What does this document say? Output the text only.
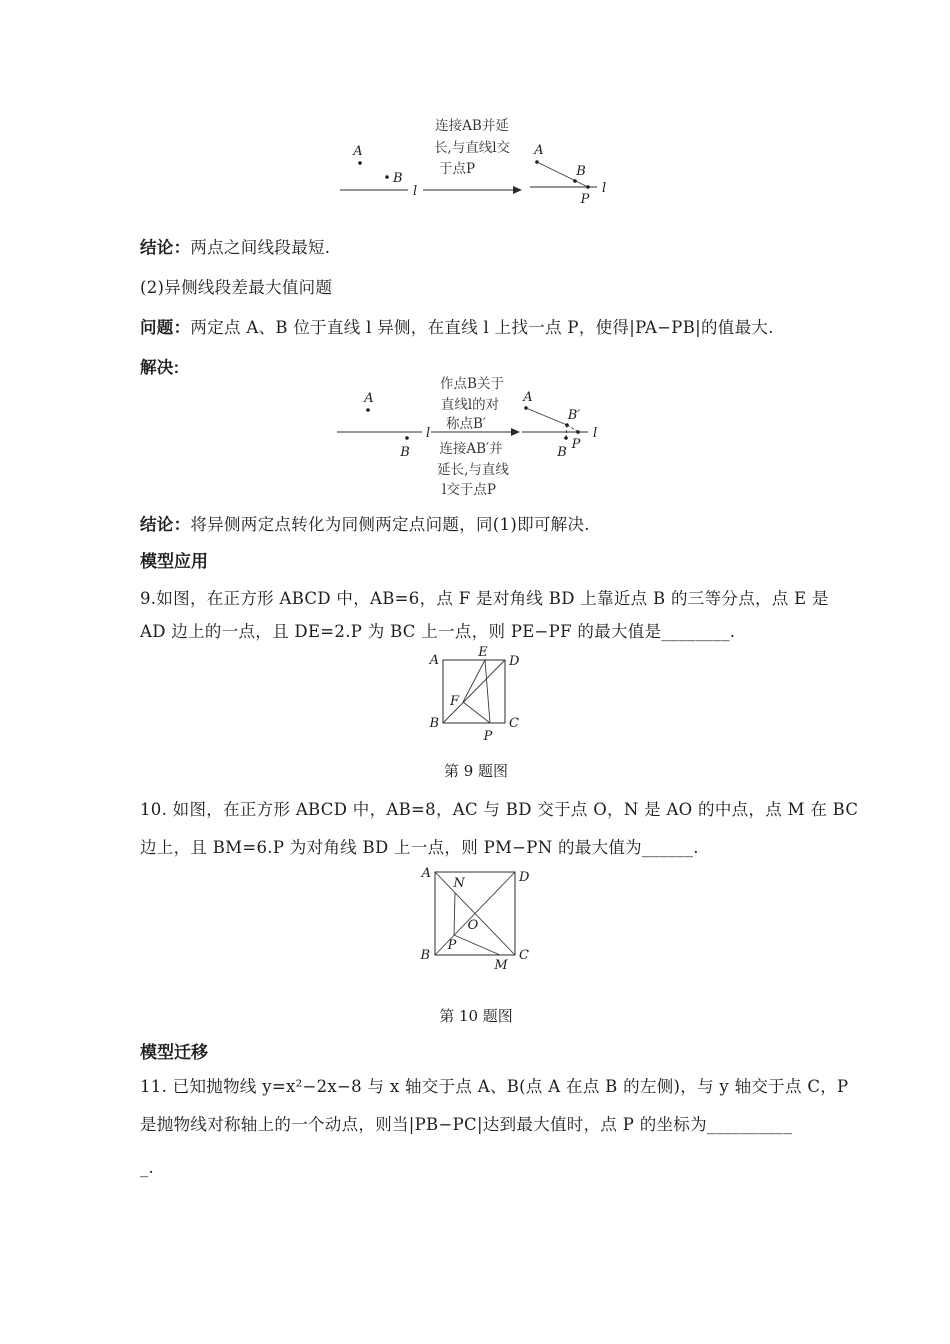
A
B
l
连接AB并延
长,与直线l交
于点P
A
B
P
l
结论：两点之间线段最短.
(2)异侧线段差最大值问题
问题：两定点 A、B 位于直线 l 异侧，在直线 l 上找一点 P，使得|PA−PB|的值最大.
解决:
A
l
B
作点B关于
直线l的对
称点B′
连接AB′并
延长,与直线
l交于点P
A
B′
P
B
l
结论：将异侧两定点转化为同侧两定点问题，同(1)即可解决.
模型应用
9.如图，在正方形 ABCD 中，AB=6，点 F 是对角线 BD 上靠近点 B 的三等分点，点 E 是
AD 边上的一点，且 DE=2.P 为 BC 上一点，则 PE−PF 的最大值是________.
A
E
D
F
B	C
P
第 9 题图
10. 如图，在正方形 ABCD 中，AB=8，AC 与 BD 交于点 O，N 是 AO 的中点，点 M 在 BC
边上，且 BM=6.P 为对角线 BD 上一点，则 PM−PN 的最大值为______.
A	D
N
O
P
B	C
M
第 10 题图
模型迁移
11. 已知抛物线 y=x²−2x−8 与 x 轴交于点 A、B(点 A 在点 B 的左侧)，与 y 轴交于点 C，P
是抛物线对称轴上的一个动点，则当|PB−PC|达到最大值时，点 P 的坐标为__________
_.
